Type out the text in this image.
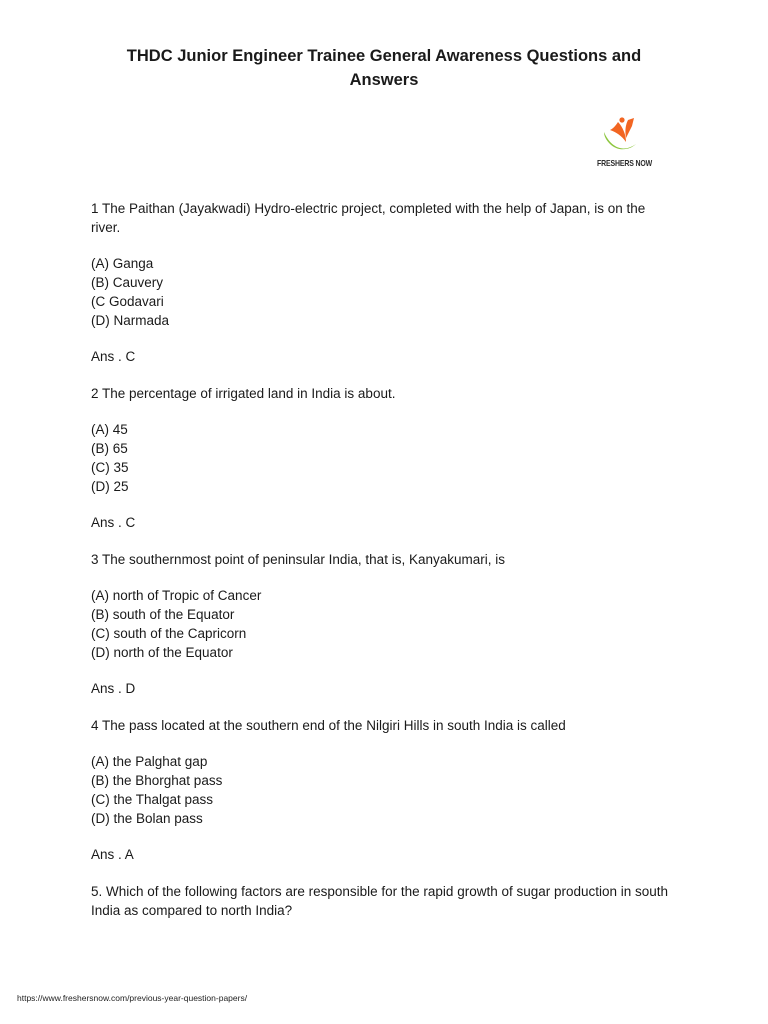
THDC Junior Engineer Trainee General Awareness Questions and
Answers
FRESHERS NOW

1 The Paithan (Jayakwadi) Hydro-electric project, completed with the help of Japan, is on the river.

(A) Ganga
(B) Cauvery
(C Godavari
(D) Narmada

Ans . C

2 The percentage of irrigated land in India is about.

(A) 45
(B) 65
(C) 35
(D) 25

Ans . C

3 The southernmost point of peninsular India, that is, Kanyakumari, is

(A) north of Tropic of Cancer
(B) south of the Equator
(C) south of the Capricorn
(D) north of the Equator

Ans . D

4 The pass located at the southern end of the Nilgiri Hills in south India is called

(A) the Palghat gap
(B) the Bhorghat pass
(C) the Thalgat pass
(D) the Bolan pass

Ans . A

5. Which of the following factors are responsible for the rapid growth of sugar production in south India as compared to north India?

https://www.freshersnow.com/previous-year-question-papers/
